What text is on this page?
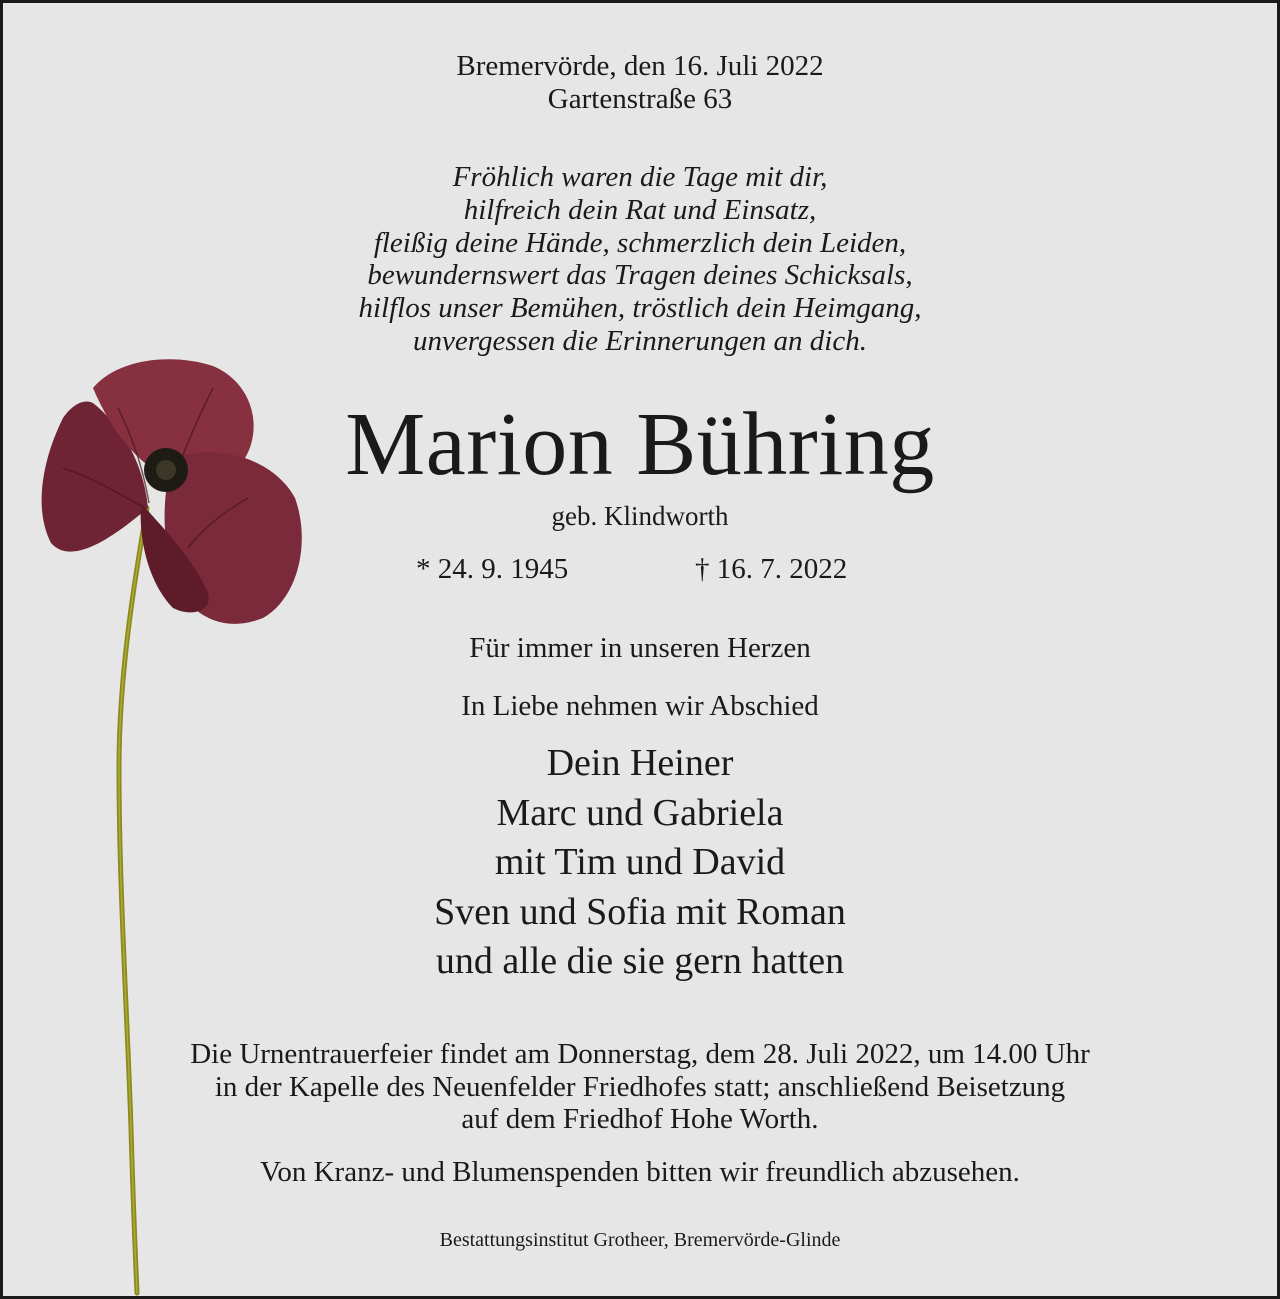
Bremervörde, den 16. Juli 2022
Gartenstraße 63
Fröhlich waren die Tage mit dir,
hilfreich dein Rat und Einsatz,
fleißig deine Hände, schmerzlich dein Leiden,
bewundernswert das Tragen deines Schicksals,
hilflos unser Bemühen, tröstlich dein Heimgang,
unvergessen die Erinnerungen an dich.
Marion Bühring
geb. Klindworth
* 24. 9. 1945	† 16. 7. 2022
Für immer in unseren Herzen
In Liebe nehmen wir Abschied
Dein Heiner
Marc und Gabriela
mit Tim und David
Sven und Sofia mit Roman
und alle die sie gern hatten
Die Urnentrauerfeier findet am Donnerstag, dem 28. Juli 2022, um 14.00 Uhr
in der Kapelle des Neuenfelder Friedhofes statt; anschließend Beisetzung
auf dem Friedhof Hohe Worth.
Von Kranz- und Blumenspenden bitten wir freundlich abzusehen.
Bestattungsinstitut Grotheer, Bremervörde-Glinde
